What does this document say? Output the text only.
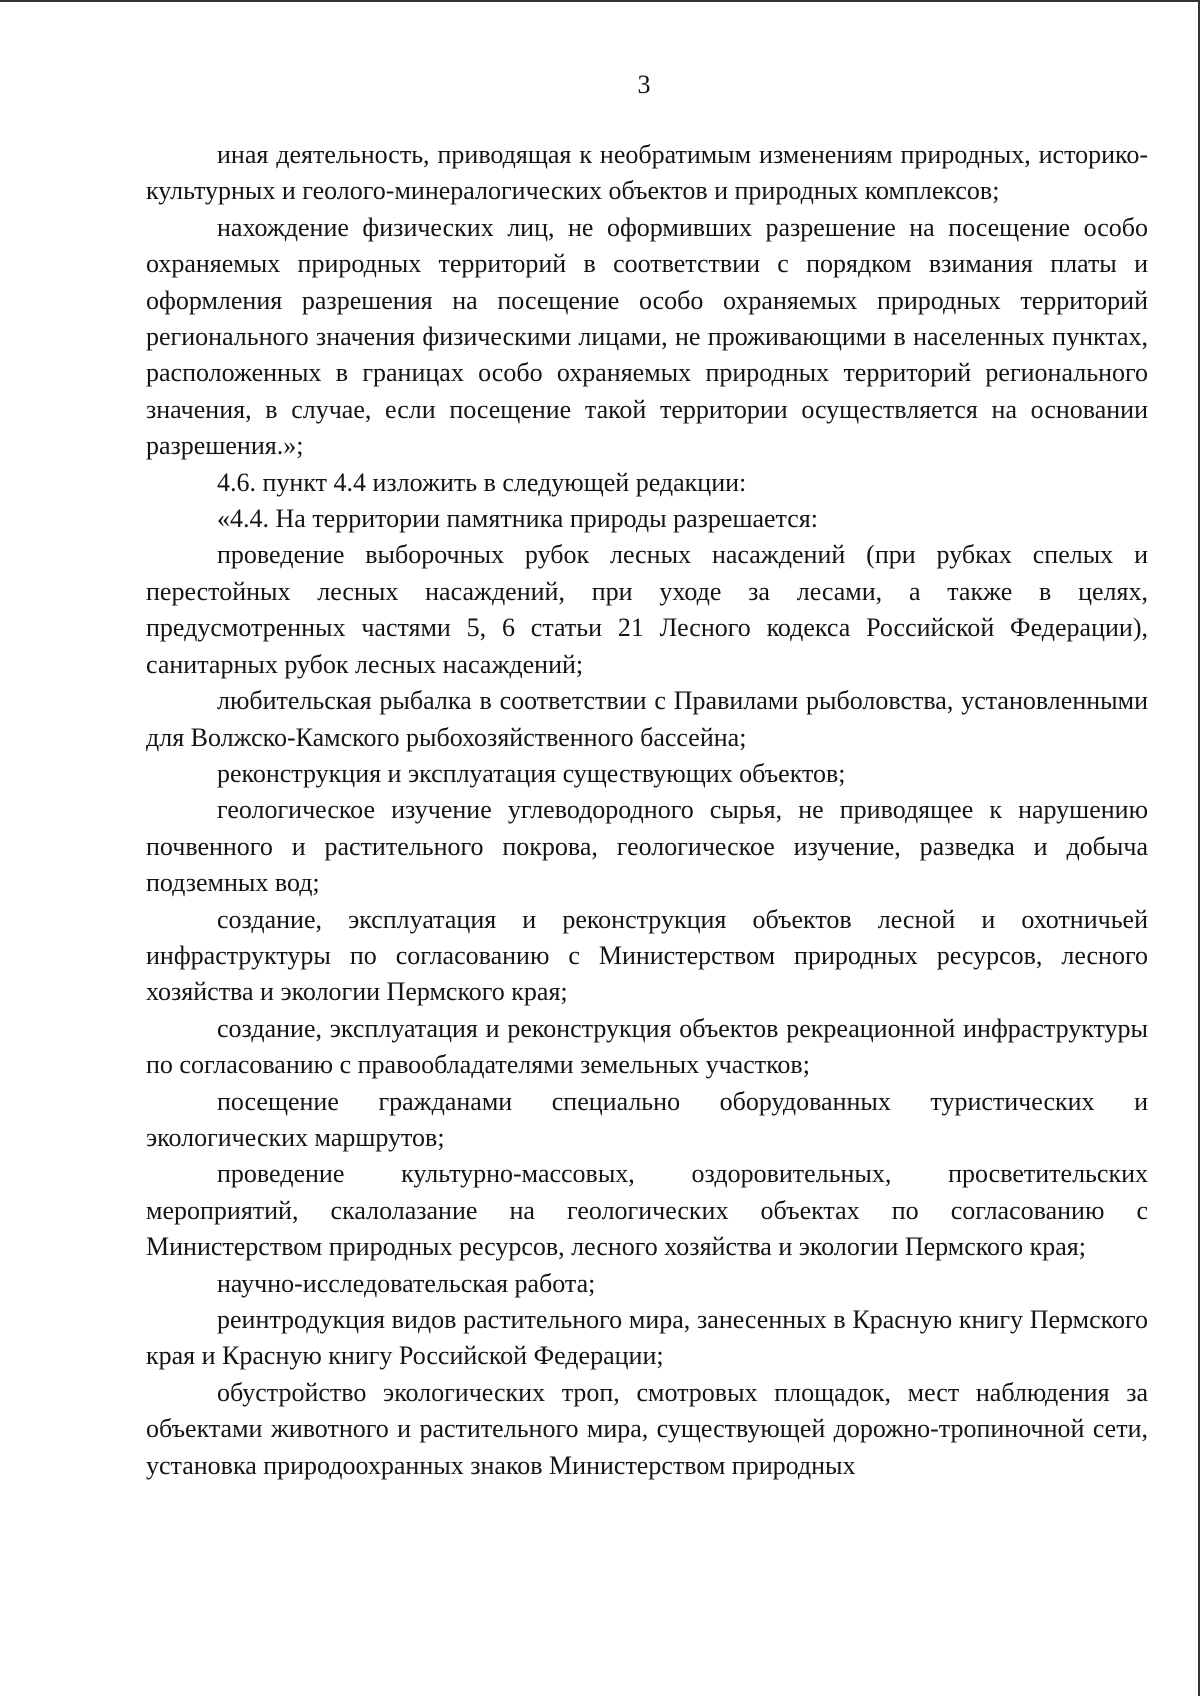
3

иная деятельность, приводящая к необратимым изменениям природных, историко-культурных и геолого-минералогических объектов и природных комплексов;

нахождение физических лиц, не оформивших разрешение на посещение особо охраняемых природных территорий в соответствии с порядком взимания платы и оформления разрешения на посещение особо охраняемых природных территорий регионального значения физическими лицами, не проживающими в населенных пунктах, расположенных в границах особо охраняемых природных территорий регионального значения, в случае, если посещение такой территории осуществляется на основании разрешения.»;

4.6. пункт 4.4 изложить в следующей редакции:

«4.4. На территории памятника природы разрешается:

проведение выборочных рубок лесных насаждений (при рубках спелых и перестойных лесных насаждений, при уходе за лесами, а также в целях, предусмотренных частями 5, 6 статьи 21 Лесного кодекса Российской Федерации), санитарных рубок лесных насаждений;

любительская рыбалка в соответствии с Правилами рыболовства, установленными для Волжско-Камского рыбохозяйственного бассейна;

реконструкция и эксплуатация существующих объектов;

геологическое изучение углеводородного сырья, не приводящее к нарушению почвенного и растительного покрова, геологическое изучение, разведка и добыча подземных вод;

создание, эксплуатация и реконструкция объектов лесной и охотничьей инфраструктуры по согласованию с Министерством природных ресурсов, лесного хозяйства и экологии Пермского края;

создание, эксплуатация и реконструкция объектов рекреационной инфраструктуры по согласованию с правообладателями земельных участков;

посещение гражданами специально оборудованных туристических и экологических маршрутов;

проведение культурно-массовых, оздоровительных, просветительских мероприятий, скалолазание на геологических объектах по согласованию с Министерством природных ресурсов, лесного хозяйства и экологии Пермского края;

научно-исследовательская работа;

реинтродукция видов растительного мира, занесенных в Красную книгу Пермского края и Красную книгу Российской Федерации;

обустройство экологических троп, смотровых площадок, мест наблюдения за объектами животного и растительного мира, существующей дорожно-тропиночной сети, установка природоохранных знаков Министерством природных
